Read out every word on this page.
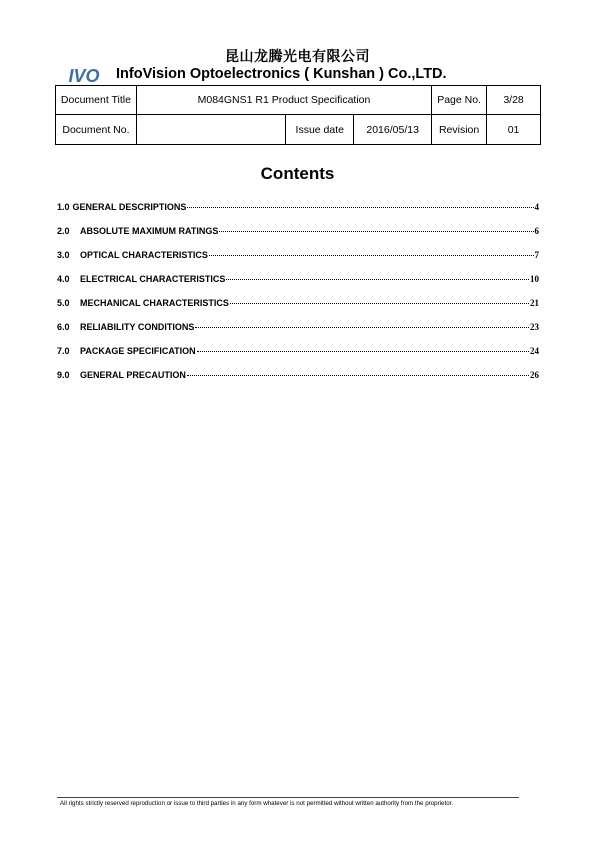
昆山龙腾光电有限公司
IVO InfoVision Optoelectronics ( Kunshan ) Co.,LTD.
Document Title	M084GNS1 R1 Product Specification			Page No.	3/28
Document No.		Issue date	2016/05/13	Revision	01
Contents
1.0 GENERAL DESCRIPTIONS	4
2.0	ABSOLUTE MAXIMUM RATINGS	6
3.0	OPTICAL CHARACTERISTICS	7
4.0	ELECTRICAL CHARACTERISTICS	10
5.0	MECHANICAL CHARACTERISTICS	21
6.0	RELIABILITY CONDITIONS	23
7.0	PACKAGE SPECIFICATION	24
9.0	GENERAL PRECAUTION	26
All rights strictly reserved reproduction or issue to third parties in any form whatever is not permitted without written authority from the proprietor.
